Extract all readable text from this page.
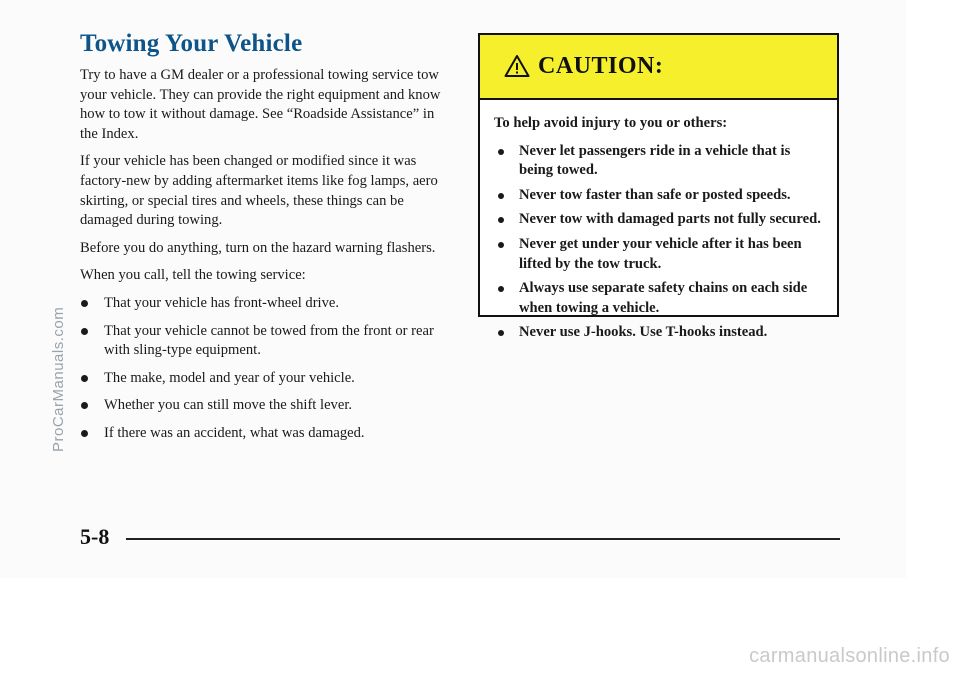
Towing Your Vehicle

Try to have a GM dealer or a professional towing service tow your vehicle. They can provide the right equipment and know how to tow it without damage. See “Roadside Assistance” in the Index.

If your vehicle has been changed or modified since it was factory-new by adding aftermarket items like fog lamps, aero skirting, or special tires and wheels, these things can be damaged during towing.

Before you do anything, turn on the hazard warning flashers.

When you call, tell the towing service:

That your vehicle has front-wheel drive.
That your vehicle cannot be towed from the front or rear with sling-type equipment.
The make, model and year of your vehicle.
Whether you can still move the shift lever.
If there was an accident, what was damaged.
CAUTION:

To help avoid injury to you or others:

Never let passengers ride in a vehicle that is being towed.
Never tow faster than safe or posted speeds.
Never tow with damaged parts not fully secured.
Never get under your vehicle after it has been lifted by the tow truck.
Always use separate safety chains on each side when towing a vehicle.
Never use J-hooks. Use T-hooks instead.
5-8
ProCarManuals.com
carmanualsonline.info
